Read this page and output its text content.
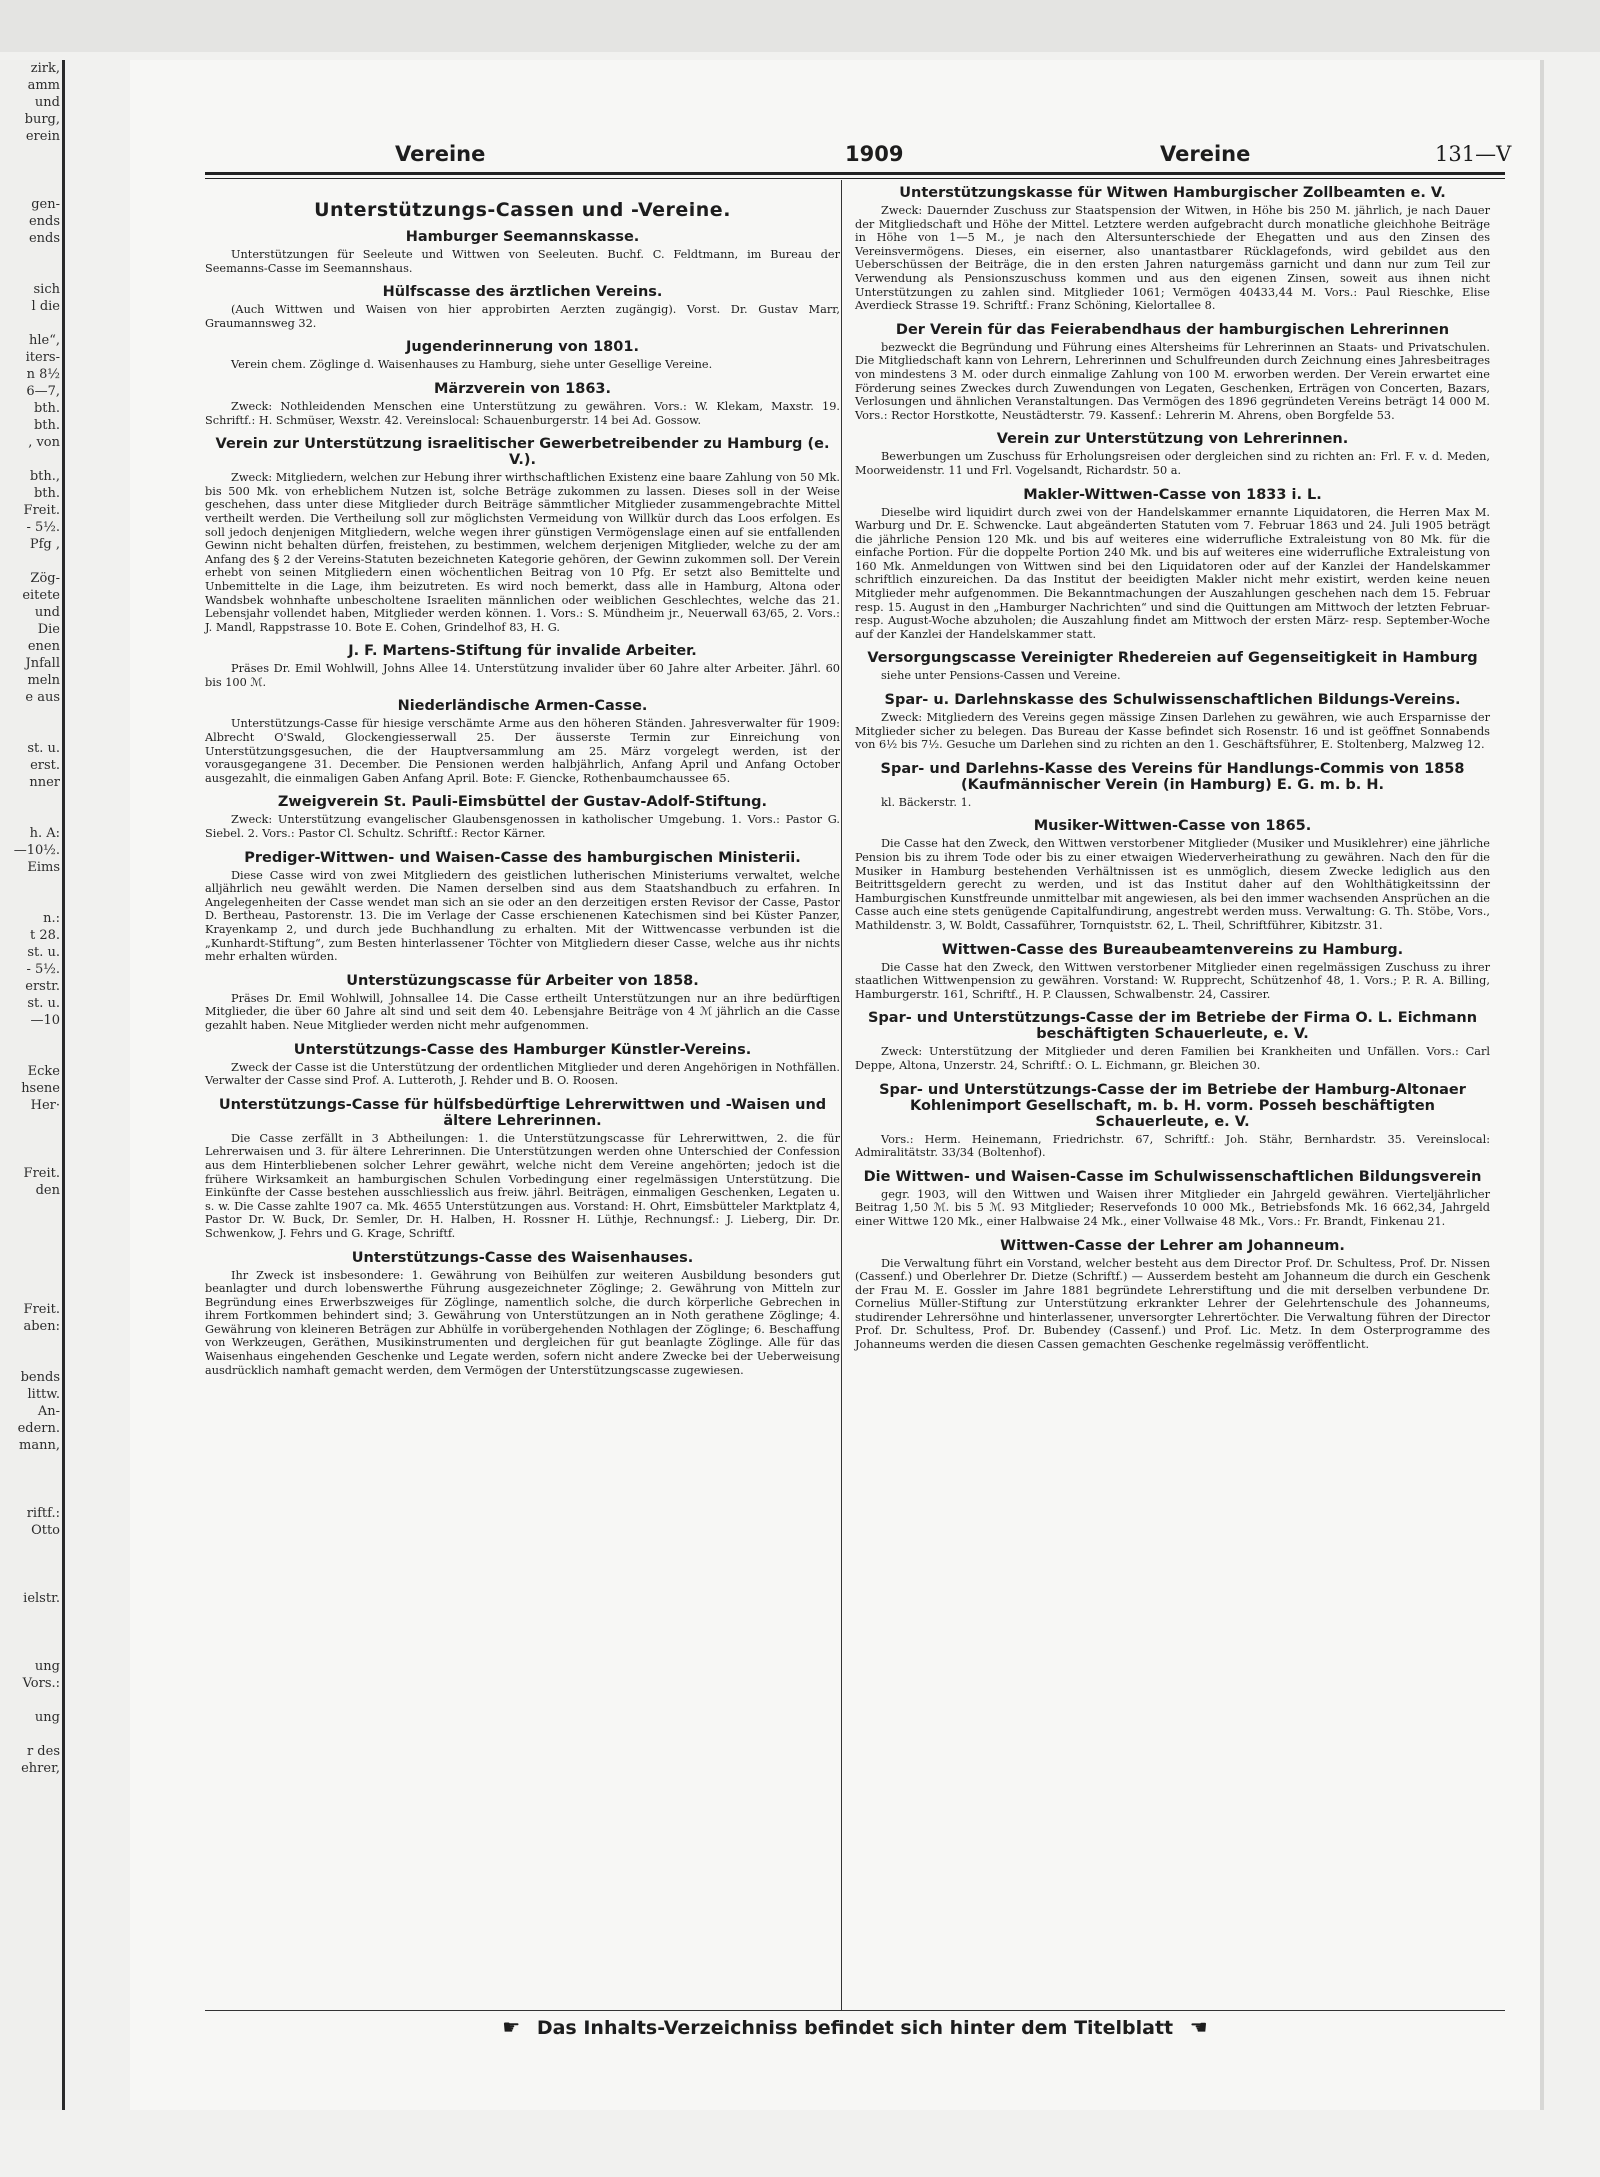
zirk,
amm
und
burg,
erein

gen-
ends
ends

sich
l die

hle“,
iters-
n 8½
6—7,
bth.
bth.
, von

bth.,
bth.
Freit.
- 5½.
Pfg ,

Zög-
eitete
und
Die
enen
Jnfall
meln
e aus

st. u.
erst.
nner

h. A:
—10½.
Eims

n.:
t 28.
st. u.
- 5½.
erstr.
st. u.
—10

Ecke
hsene
Her·

Freit.
den

Freit.
aben:

bends
littw.
An-
edern.
mann,

riftf.:
Otto

ielstr.

ung
Vors.:

ung

r des
ehrer,
Vereine	1909	Vereine	131—V
Unterstützungs-Cassen und -Vereine.
Hamburger Seemannskasse.

Unterstützungen für Seeleute und Wittwen von Seeleuten. Buchf. C. Feldtmann, im Bureau der Seemanns-Casse im Seemannshaus.

Hülfscasse des ärztlichen Vereins.

(Auch Wittwen und Waisen von hier approbirten Aerzten zugängig). Vorst. Dr. Gustav Marr, Graumannsweg 32.

Jugenderinnerung von 1801.

Verein chem. Zöglinge d. Waisenhauses zu Hamburg, siehe unter Gesellige Vereine.

Märzverein von 1863.

Zweck: Nothleidenden Menschen eine Unterstützung zu gewähren. Vors.: W. Klekam, Maxstr. 19. Schriftf.: H. Schmüser, Wexstr. 42. Vereinslocal: Schauenburgerstr. 14 bei Ad. Gossow.

Verein zur Unterstützung israelitischer Gewerbetreibender zu Hamburg (e. V.).

Zweck: Mitgliedern, welchen zur Hebung ihrer wirthschaftlichen Existenz eine baare Zahlung von 50 Mk. bis 500 Mk. von erheblichem Nutzen ist, solche Beträge zukommen zu lassen. Dieses soll in der Weise geschehen, dass unter diese Mitglieder durch Beiträge sämmtlicher Mitglieder zusammengebrachte Mittel vertheilt werden. Die Vertheilung soll zur möglichsten Vermeidung von Willkür durch das Loos erfolgen. Es soll jedoch denjenigen Mitgliedern, welche wegen ihrer günstigen Vermögenslage einen auf sie entfallenden Gewinn nicht behalten dürfen, freistehen, zu bestimmen, welchem derjenigen Mitglieder, welche zu der am Anfang des § 2 der Vereins-Statuten bezeichneten Kategorie gehören, der Gewinn zukommen soll. Der Verein erhebt von seinen Mitgliedern einen wöchentlichen Beitrag von 10 Pfg. Er setzt also Bemittelte und Unbemittelte in die Lage, ihm beizutreten. Es wird noch bemerkt, dass alle in Hamburg, Altona oder Wandsbek wohnhafte unbescholtene Israeliten männlichen oder weiblichen Geschlechtes, welche das 21. Lebensjahr vollendet haben, Mitglieder werden können. 1. Vors.: S. Mündheim jr., Neuerwall 63/65, 2. Vors.: J. Mandl, Rappstrasse 10. Bote E. Cohen, Grindelhof 83, H. G.

J. F. Martens-Stiftung für invalide Arbeiter.

Präses Dr. Emil Wohlwill, Johns Allee 14. Unterstützung invalider über 60 Jahre alter Arbeiter. Jährl. 60 bis 100 ℳ.

Niederländische Armen-Casse.

Unterstützungs-Casse für hiesige verschämte Arme aus den höheren Ständen. Jahresverwalter für 1909: Albrecht O'Swald, Glockengiesserwall 25. Der äusserste Termin zur Einreichung von Unterstützungsgesuchen, die der Hauptversammlung am 25. März vorgelegt werden, ist der vorausgegangene 31. December. Die Pensionen werden halbjährlich, Anfang April und Anfang October ausgezahlt, die einmaligen Gaben Anfang April. Bote: F. Giencke, Rothenbaumchaussee 65.

Zweigverein St. Pauli-Eimsbüttel der Gustav-Adolf-Stiftung.

Zweck: Unterstützung evangelischer Glaubensgenossen in katholischer Umgebung. 1. Vors.: Pastor G. Siebel. 2. Vors.: Pastor Cl. Schultz. Schriftf.: Rector Kärner.

Prediger-Wittwen- und Waisen-Casse des hamburgischen Ministerii.

Diese Casse wird von zwei Mitgliedern des geistlichen lutherischen Ministeriums verwaltet, welche alljährlich neu gewählt werden. Die Namen derselben sind aus dem Staatshandbuch zu erfahren. In Angelegenheiten der Casse wendet man sich an sie oder an den derzeitigen ersten Revisor der Casse, Pastor D. Bertheau, Pastorenstr. 13. Die im Verlage der Casse erschienenen Katechismen sind bei Küster Panzer, Krayenkamp 2, und durch jede Buchhandlung zu erhalten. Mit der Wittwencasse verbunden ist die „Kunhardt-Stiftung“, zum Besten hinterlassener Töchter von Mitgliedern dieser Casse, welche aus ihr nichts mehr erhalten würden.

Unterstüzungscasse für Arbeiter von 1858.

Präses Dr. Emil Wohlwill, Johnsallee 14. Die Casse ertheilt Unterstützungen nur an ihre bedürftigen Mitglieder, die über 60 Jahre alt sind und seit dem 40. Lebensjahre Beiträge von 4 ℳ jährlich an die Casse gezahlt haben. Neue Mitglieder werden nicht mehr aufgenommen.

Unterstützungs-Casse des Hamburger Künstler-Vereins.

Zweck der Casse ist die Unterstützung der ordentlichen Mitglieder und deren Angehörigen in Nothfällen. Verwalter der Casse sind Prof. A. Lutteroth, J. Rehder und B. O. Roosen.

Unterstützungs-Casse für hülfsbedürftige Lehrerwittwen und -Waisen und ältere Lehrerinnen.

Die Casse zerfällt in 3 Abtheilungen: 1. die Unterstützungscasse für Lehrerwittwen, 2. die für Lehrerwaisen und 3. für ältere Lehrerinnen. Die Unterstützungen werden ohne Unterschied der Confession aus dem Hinterbliebenen solcher Lehrer gewährt, welche nicht dem Vereine angehörten; jedoch ist die frühere Wirksamkeit an hamburgischen Schulen Vorbedingung einer regelmässigen Unterstützung. Die Einkünfte der Casse bestehen ausschliesslich aus freiw. jährl. Beiträgen, einmaligen Geschenken, Legaten u. s. w. Die Casse zahlte 1907 ca. Mk. 4655 Unterstützungen aus. Vorstand: H. Ohrt, Eimsbütteler Marktplatz 4, Pastor Dr. W. Buck, Dr. Semler, Dr. H. Halben, H. Rossner H. Lüthje, Rechnungsf.: J. Lieberg, Dir. Dr. Schwenkow, J. Fehrs und G. Krage, Schriftf.

Unterstützungs-Casse des Waisenhauses.

Ihr Zweck ist insbesondere: 1. Gewährung von Beihülfen zur weiteren Ausbildung besonders gut beanlagter und durch lobenswerthe Führung ausgezeichneter Zöglinge; 2. Gewährung von Mitteln zur Begründung eines Erwerbszweiges für Zöglinge, namentlich solche, die durch körperliche Gebrechen in ihrem Fortkommen behindert sind; 3. Gewährung von Unterstützungen an in Noth gerathene Zöglinge; 4. Gewährung von kleineren Beträgen zur Abhülfe in vorübergehenden Nothlagen der Zöglinge; 6. Beschaffung von Werkzeugen, Geräthen, Musikinstrumenten und dergleichen für gut beanlagte Zöglinge. Alle für das Waisenhaus eingehenden Geschenke und Legate werden, sofern nicht andere Zwecke bei der Ueberweisung ausdrücklich namhaft gemacht werden, dem Vermögen der Unterstützungscasse zugewiesen.

Unterstützungskasse für Witwen Hamburgischer Zollbeamten e. V.

Zweck: Dauernder Zuschuss zur Staatspension der Witwen, in Höhe bis 250 M. jährlich, je nach Dauer der Mitgliedschaft und Höhe der Mittel. Letztere werden aufgebracht durch monatliche gleichhohe Beiträge in Höhe von 1—5 M., je nach den Altersunterschiede der Ehegatten und aus den Zinsen des Vereinsvermögens. Dieses, ein eiserner, also unantastbarer Rücklagefonds, wird gebildet aus den Ueberschüssen der Beiträge, die in den ersten Jahren naturgemäss garnicht und dann nur zum Teil zur Verwendung als Pensionszuschuss kommen und aus den eigenen Zinsen, soweit aus ihnen nicht Unterstützungen zu zahlen sind. Mitglieder 1061; Vermögen 40433,44 M. Vors.: Paul Rieschke, Elise Averdieck Strasse 19. Schriftf.: Franz Schöning, Kielortallee 8.

Der Verein für das Feierabendhaus der hamburgischen Lehrerinnen

bezweckt die Begründung und Führung eines Altersheims für Lehrerinnen an Staats- und Privatschulen. Die Mitgliedschaft kann von Lehrern, Lehrerinnen und Schulfreunden durch Zeichnung eines Jahresbeitrages von mindestens 3 M. oder durch einmalige Zahlung von 100 M. erworben werden. Der Verein erwartet eine Förderung seines Zweckes durch Zuwendungen von Legaten, Geschenken, Erträgen von Concerten, Bazars, Verlosungen und ähnlichen Veranstaltungen. Das Vermögen des 1896 gegründeten Vereins beträgt 14 000 M. Vors.: Rector Horstkotte, Neustädterstr. 79. Kassenf.: Lehrerin M. Ahrens, oben Borgfelde 53.

Verein zur Unterstützung von Lehrerinnen.

Bewerbungen um Zuschuss für Erholungsreisen oder dergleichen sind zu richten an: Frl. F. v. d. Meden, Moorweidenstr. 11 und Frl. Vogelsandt, Richardstr. 50 a.

Makler-Wittwen-Casse von 1833 i. L.

Dieselbe wird liquidirt durch zwei von der Handelskammer ernannte Liquidatoren, die Herren Max M. Warburg und Dr. E. Schwencke. Laut abgeänderten Statuten vom 7. Februar 1863 und 24. Juli 1905 beträgt die jährliche Pension 120 Mk. und bis auf weiteres eine widerrufliche Extraleistung von 80 Mk. für die einfache Portion. Für die doppelte Portion 240 Mk. und bis auf weiteres eine widerrufliche Extraleistung von 160 Mk. Anmeldungen von Wittwen sind bei den Liquidatoren oder auf der Kanzlei der Handelskammer schriftlich einzureichen. Da das Institut der beeidigten Makler nicht mehr existirt, werden keine neuen Mitglieder mehr aufgenommen. Die Bekanntmachungen der Auszahlungen geschehen nach dem 15. Februar resp. 15. August in den „Hamburger Nachrichten“ und sind die Quittungen am Mittwoch der letzten Februar- resp. August-Woche abzuholen; die Auszahlung findet am Mittwoch der ersten März- resp. September-Woche auf der Kanzlei der Handelskammer statt.

Versorgungscasse Vereinigter Rhedereien auf Gegenseitigkeit in Hamburg

siehe unter Pensions-Cassen und Vereine.

Spar- u. Darlehnskasse des Schulwissenschaftlichen Bildungs-Vereins.

Zweck: Mitgliedern des Vereins gegen mässige Zinsen Darlehen zu gewähren, wie auch Ersparnisse der Mitglieder sicher zu belegen. Das Bureau der Kasse befindet sich Rosenstr. 16 und ist geöffnet Sonnabends von 6½ bis 7½. Gesuche um Darlehen sind zu richten an den 1. Geschäftsführer, E. Stoltenberg, Malzweg 12.

Spar- und Darlehns-Kasse des Vereins für Handlungs-Commis von 1858 (Kaufmännischer Verein (in Hamburg) E. G. m. b. H.

kl. Bäckerstr. 1.

Musiker-Wittwen-Casse von 1865.

Die Casse hat den Zweck, den Wittwen verstorbener Mitglieder (Musiker und Musiklehrer) eine jährliche Pension bis zu ihrem Tode oder bis zu einer etwaigen Wiederverheirathung zu gewähren. Nach den für die Musiker in Hamburg bestehenden Verhältnissen ist es unmöglich, diesem Zwecke lediglich aus den Beitrittsgeldern gerecht zu werden, und ist das Institut daher auf den Wohlthätigkeitssinn der Hamburgischen Kunstfreunde unmittelbar mit angewiesen, als bei den immer wachsenden Ansprüchen an die Casse auch eine stets genügende Capitalfundirung, angestrebt werden muss. Verwaltung: G. Th. Stöbe, Vors., Mathildenstr. 3, W. Boldt, Cassaführer, Tornquiststr. 62, L. Theil, Schriftführer, Kibitzstr. 31.

Wittwen-Casse des Bureaubeamtenvereins zu Hamburg.

Die Casse hat den Zweck, den Wittwen verstorbener Mitglieder einen regelmässigen Zuschuss zu ihrer staatlichen Wittwenpension zu gewähren. Vorstand: W. Rupprecht, Schützenhof 48, 1. Vors.; P. R. A. Billing, Hamburgerstr. 161, Schriftf., H. P. Claussen, Schwalbenstr. 24, Cassirer.

Spar- und Unterstützungs-Casse der im Betriebe der Firma O. L. Eichmann beschäftigten Schauerleute, e. V.

Zweck: Unterstützung der Mitglieder und deren Familien bei Krankheiten und Unfällen. Vors.: Carl Deppe, Altona, Unzerstr. 24, Schriftf.: O. L. Eichmann, gr. Bleichen 30.

Spar- und Unterstützungs-Casse der im Betriebe der Hamburg-Altonaer Kohlenimport Gesellschaft, m. b. H. vorm. Posseh beschäftigten Schauerleute, e. V.

Vors.: Herm. Heinemann, Friedrichstr. 67, Schriftf.: Joh. Stähr, Bernhardstr. 35. Vereinslocal: Admiralitätstr. 33/34 (Boltenhof).

Die Wittwen- und Waisen-Casse im Schulwissenschaftlichen Bildungsverein

gegr. 1903, will den Wittwen und Waisen ihrer Mitglieder ein Jahrgeld gewähren. Vierteljährlicher Beitrag 1,50 ℳ. bis 5 ℳ. 93 Mitglieder; Reservefonds 10 000 Mk., Betriebsfonds Mk. 16 662,34, Jahrgeld einer Wittwe 120 Mk., einer Halbwaise 24 Mk., einer Vollwaise 48 Mk., Vors.: Fr. Brandt, Finkenau 21.

Wittwen-Casse der Lehrer am Johanneum.

Die Verwaltung führt ein Vorstand, welcher besteht aus dem Director Prof. Dr. Schultess, Prof. Dr. Nissen (Cassenf.) und Oberlehrer Dr. Dietze (Schriftf.) — Ausserdem besteht am Johanneum die durch ein Geschenk der Frau M. E. Gossler im Jahre 1881 begründete Lehrerstiftung und die mit derselben verbundene Dr. Cornelius Müller-Stiftung zur Unterstützung erkrankter Lehrer der Gelehrtenschule des Johanneums, studirender Lehrersöhne und hinterlassener, unversorgter Lehrertöchter. Die Verwaltung führen der Director Prof. Dr. Schultess, Prof. Dr. Bubendey (Cassenf.) und Prof. Lic. Metz. In dem Osterprogramme des Johanneums werden die diesen Cassen gemachten Geschenke regelmässig veröffentlicht.

☛ Das Inhalts-Verzeichniss befindet sich hinter dem Titelblatt ☚
